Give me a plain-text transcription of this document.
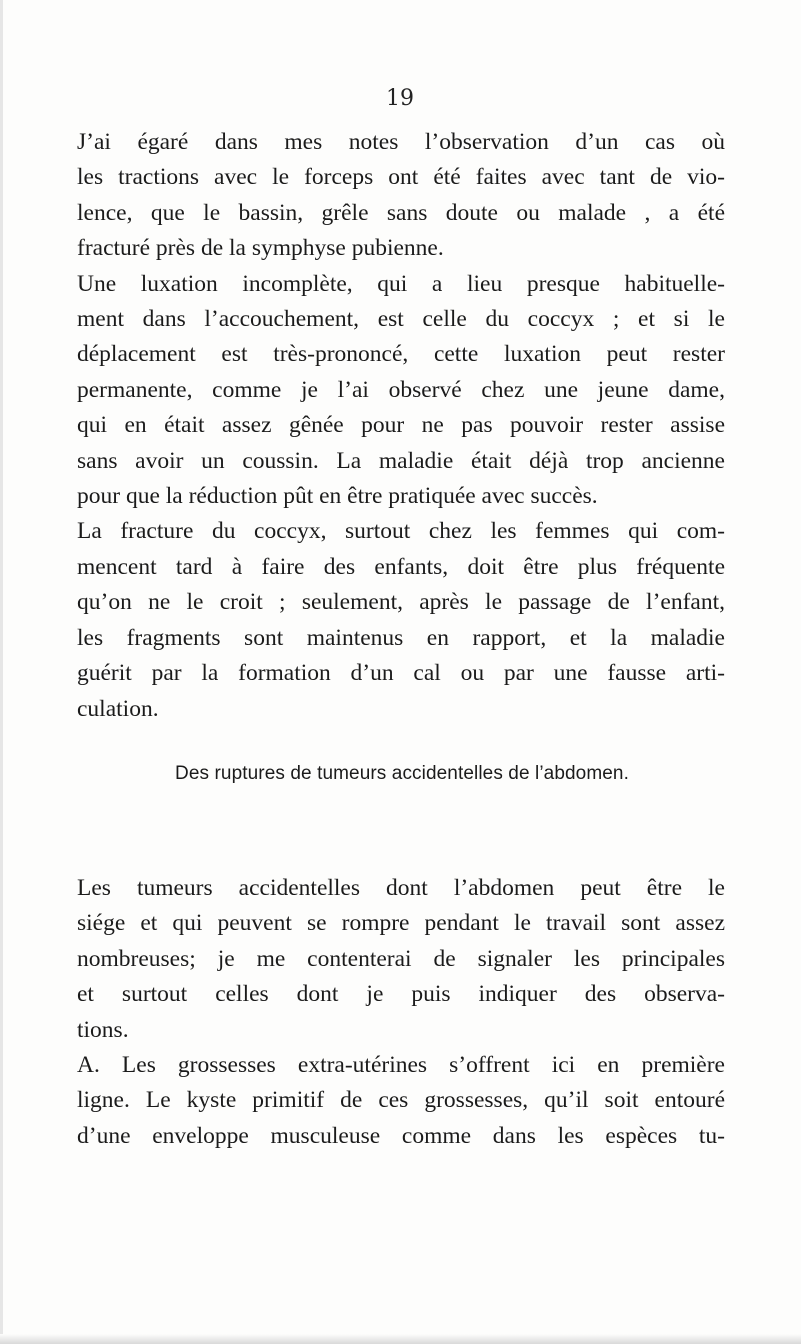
19
J’ai égaré dans mes notes l’observation d’un cas où
les tractions avec le forceps ont été faites avec tant de vio-
lence, que le bassin, grêle sans doute ou malade , a été
fracturé près de la symphyse pubienne.
Une luxation incomplète, qui a lieu presque habituelle-
ment dans l’accouchement, est celle du coccyx ; et si le
déplacement est très-prononcé, cette luxation peut rester
permanente, comme je l’ai observé chez une jeune dame,
qui en était assez gênée pour ne pas pouvoir rester assise
sans avoir un coussin. La maladie était déjà trop ancienne
pour que la réduction pût en être pratiquée avec succès.
La fracture du coccyx, surtout chez les femmes qui com-
mencent tard à faire des enfants, doit être plus fréquente
qu’on ne le croit ; seulement, après le passage de l’enfant,
les fragments sont maintenus en rapport, et la maladie
guérit par la formation d’un cal ou par une fausse arti-
culation.
Des ruptures de tumeurs accidentelles de l’abdomen.
Les tumeurs accidentelles dont l’abdomen peut être le
siége et qui peuvent se rompre pendant le travail sont assez
nombreuses; je me contenterai de signaler les principales
et surtout celles dont je puis indiquer des observa-
tions.
A. Les grossesses extra-utérines s’offrent ici en première
ligne. Le kyste primitif de ces grossesses, qu’il soit entouré
d’une enveloppe musculeuse comme dans les espèces tu-
